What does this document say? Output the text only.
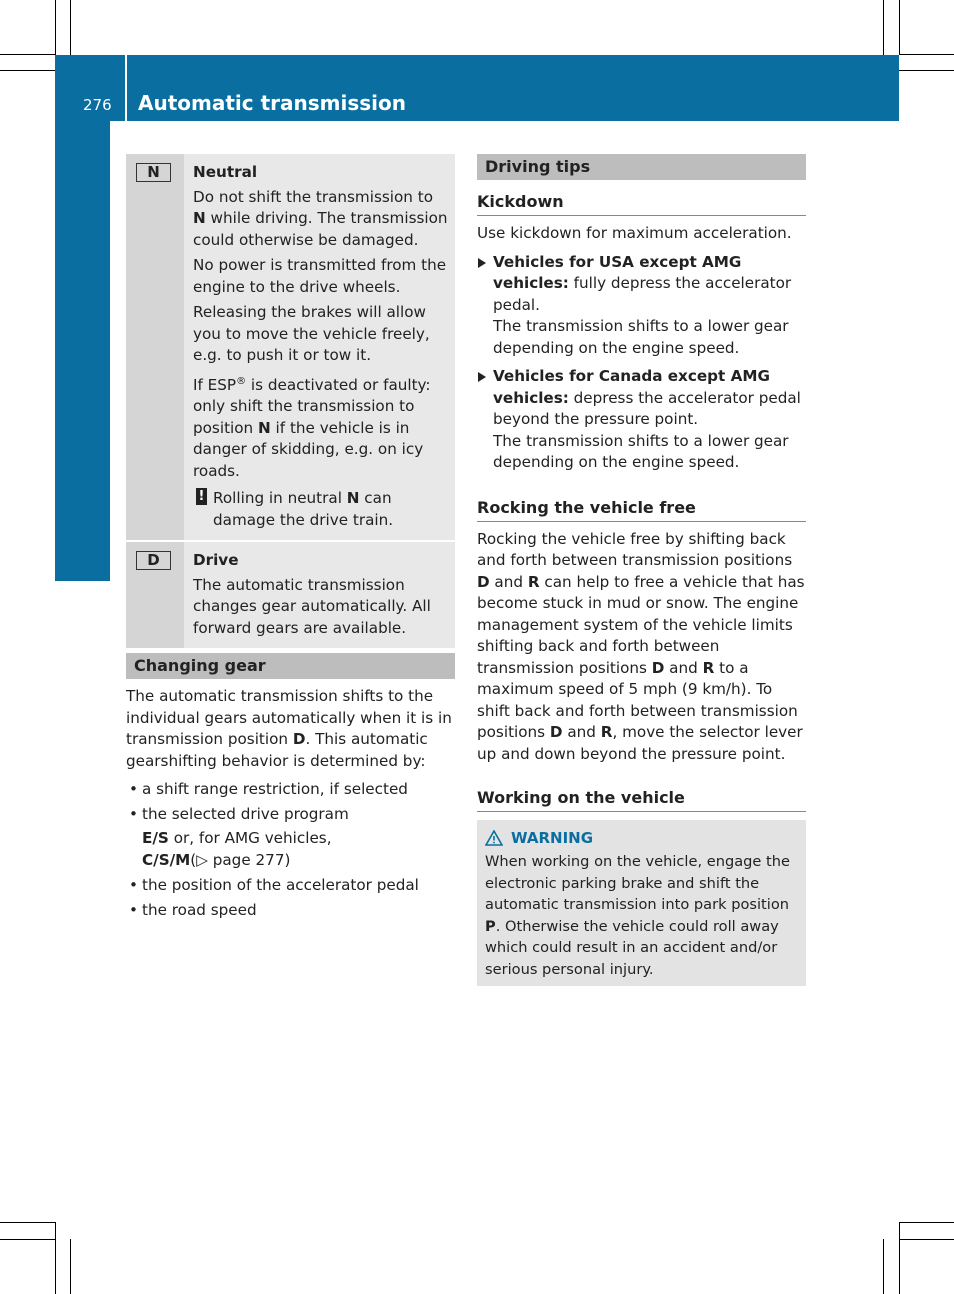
276 Automatic transmission
Driving and parking
N	Neutral

Do not shift the transmission to N while driving. The transmission could otherwise be damaged.

No power is transmitted from the engine to the drive wheels.

Releasing the brakes will allow you to move the vehicle freely, e.g. to push it or tow it.

If ESP® is deactivated or faulty: only shift the transmission to position N if the vehicle is in danger of skidding, e.g. on icy roads.

! Rolling in neutral N can damage the drive train.

D	Drive

The automatic transmission changes gear automatically. All forward gears are available.

Changing gear

The automatic transmission shifts to the individual gears automatically when it is in transmission position D. This automatic gearshifting behavior is determined by:

• a shift range restriction, if selected
• the selected drive program
E/S or, for AMG vehicles,
C/S/M(▷ page 277)
• the position of the accelerator pedal
• the road speed
Driving tips
Kickdown

Use kickdown for maximum acceleration.

Vehicles for USA except AMG vehicles: fully depress the accelerator pedal.
The transmission shifts to a lower gear depending on the engine speed.
Vehicles for Canada except AMG vehicles: depress the accelerator pedal beyond the pressure point.
The transmission shifts to a lower gear depending on the engine speed.
Rocking the vehicle free

Rocking the vehicle free by shifting back and forth between transmission positions D and R can help to free a vehicle that has become stuck in mud or snow. The engine management system of the vehicle limits shifting back and forth between transmission positions D and R to a maximum speed of 5 mph (9 km/h). To shift back and forth between transmission positions D and R, move the selector lever up and down beyond the pressure point.

Working on the vehicle
WARNING

When working on the vehicle, engage the electronic parking brake and shift the automatic transmission into park position P. Otherwise the vehicle could roll away which could result in an accident and/or serious personal injury.
